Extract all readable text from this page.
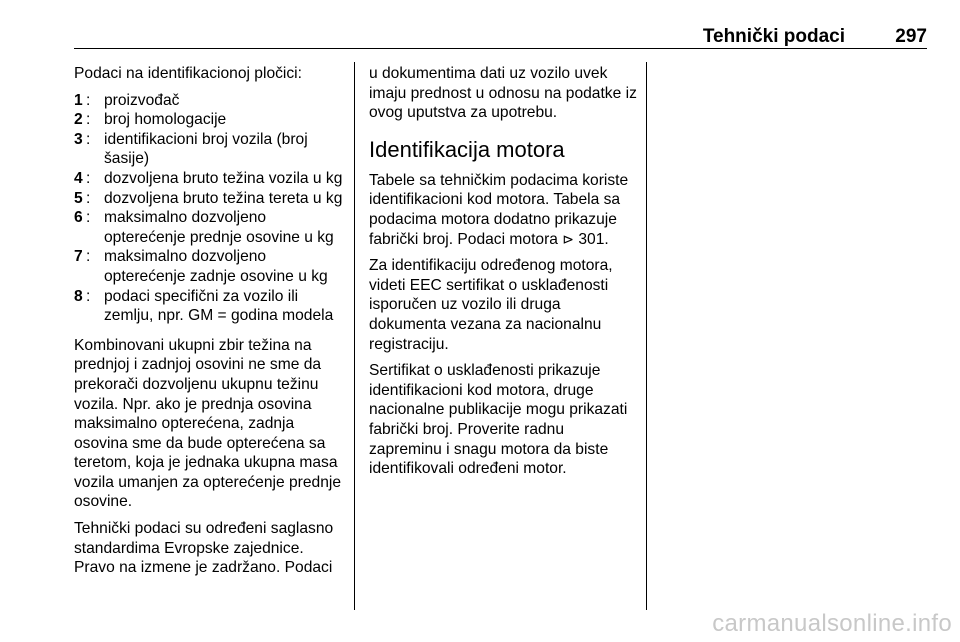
Tehnički podaci	297

Podaci na identifikacionoj pločici:

1 : proizvođač
2 : broj homologacije
3 : identifikacioni broj vozila (broj šasije)
4 : dozvoljena bruto težina vozila u kg
5 : dozvoljena bruto težina tereta u kg
6 : maksimalno dozvoljeno opterećenje prednje osovine u kg
7 : maksimalno dozvoljeno opterećenje zadnje osovine u kg
8 : podaci specifični za vozilo ili zemlju, npr. GM = godina modela

Kombinovani ukupni zbir težina na prednjoj i zadnjoj osovini ne sme da prekorači dozvoljenu ukupnu težinu vozila. Npr. ako je prednja osovina maksimalno opterećena, zadnja osovina sme da bude opterećena sa teretom, koja je jednaka ukupna masa vozila umanjen za opterećenje prednje osovine.

Tehnički podaci su određeni saglasno standardima Evropske zajednice. Pravo na izmene je zadržano. Podaci

u dokumentima dati uz vozilo uvek imaju prednost u odnosu na podatke iz ovog uputstva za upotrebu.

Identifikacija motora

Tabele sa tehničkim podacima koriste identifikacioni kod motora. Tabela sa podacima motora dodatno prikazuje fabrički broj. Podaci motora ⊳ 301.

Za identifikaciju određenog motora, videti EEC sertifikat o usklađenosti isporučen uz vozilo ili druga dokumenta vezana za nacionalnu registraciju.

Sertifikat o usklađenosti prikazuje identifikacioni kod motora, druge nacionalne publikacije mogu prikazati fabrički broj. Proverite radnu zapreminu i snagu motora da biste identifikovali određeni motor.

carmanualsonline.info
